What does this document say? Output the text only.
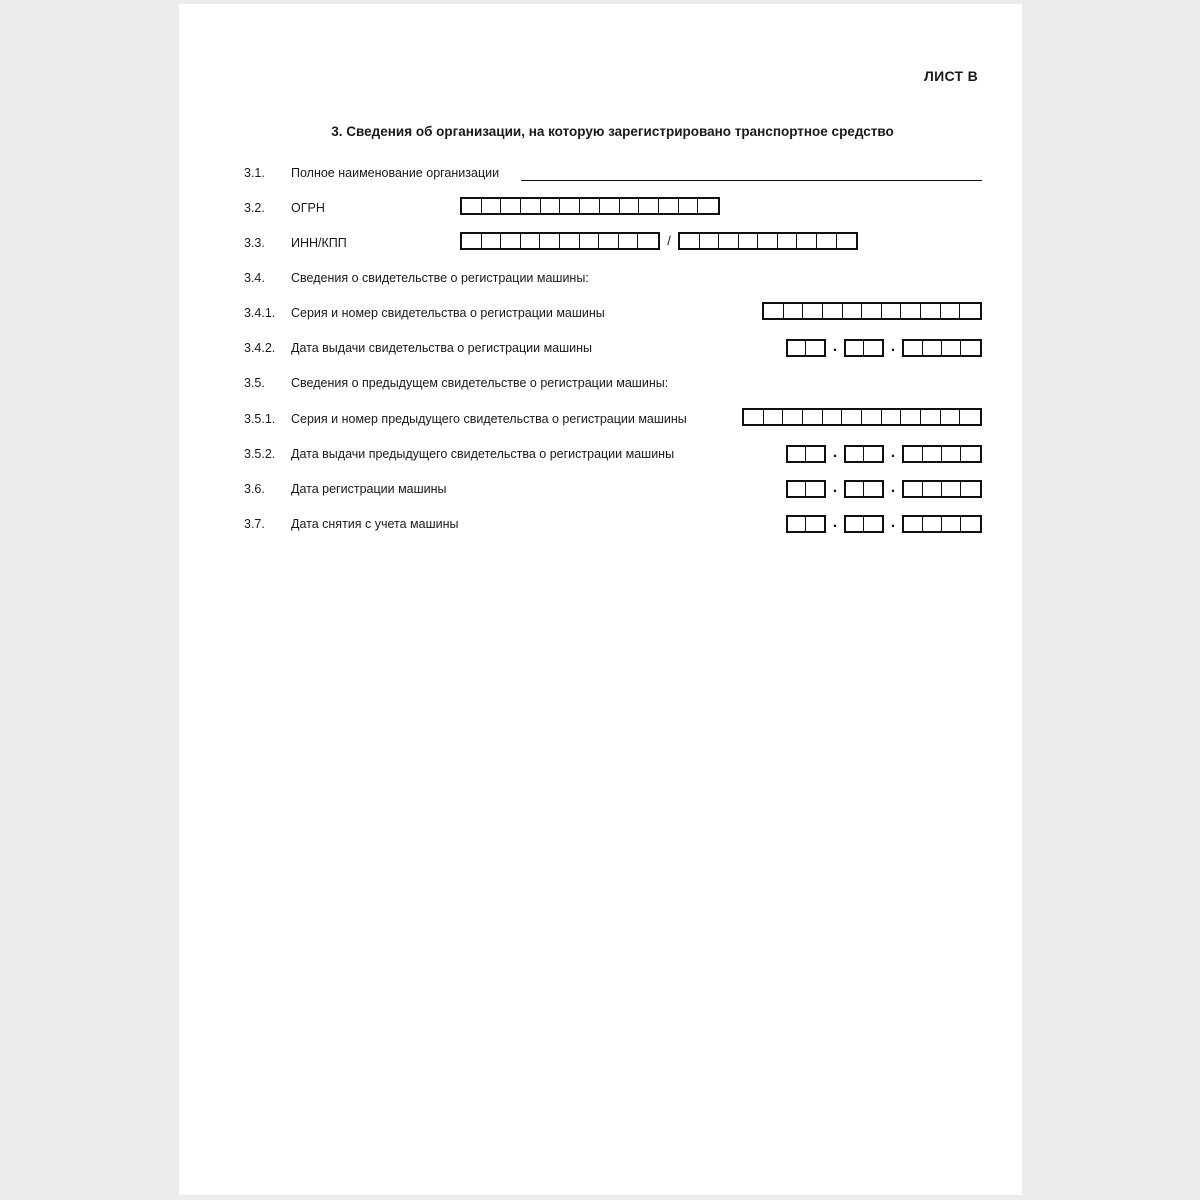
ЛИСТ В
3. Сведения об организации, на которую зарегистрировано транспортное средство
3.1. Полное наименование организации
3.2. ОГРН
3.3. ИНН/КПП	/
3.4. Сведения о свидетельстве о регистрации машины:
3.4.1. Серия и номер свидетельства о регистрации машины
3.4.2. Дата выдачи свидетельства о регистрации машины	.	.
3.5. Сведения о предыдущем свидетельстве о регистрации машины:
3.5.1. Серия и номер предыдущего свидетельства о регистрации машины
3.5.2. Дата выдачи предыдущего свидетельства о регистрации машины	.	.
3.6. Дата регистрации машины	.	.
3.7. Дата снятия с учета машины	.	.
